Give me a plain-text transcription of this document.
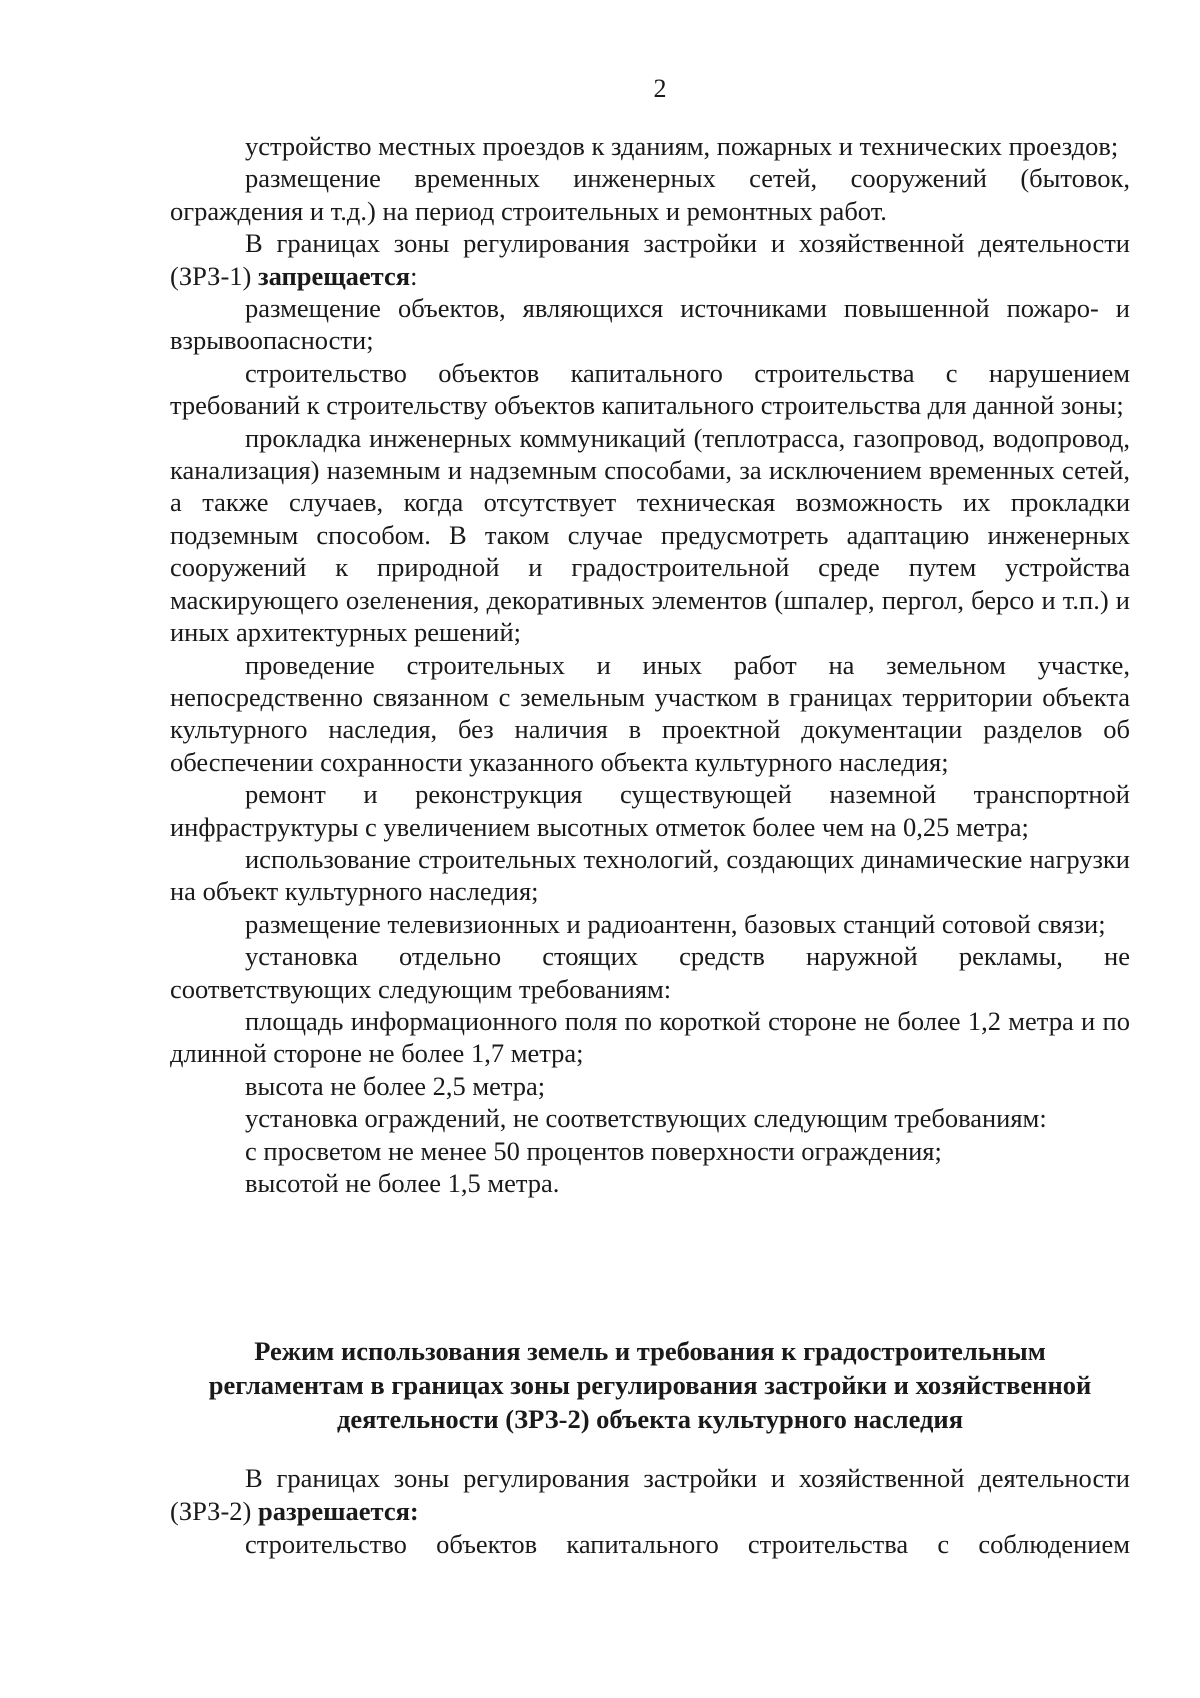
2

устройство местных проездов к зданиям, пожарных и технических проездов;

размещение временных инженерных сетей, сооружений (бытовок, ограждения и т.д.) на период строительных и ремонтных работ.

В границах зоны регулирования застройки и хозяйственной деятельности (ЗРЗ-1) запрещается:

размещение объектов, являющихся источниками повышенной пожаро- и взрывоопасности;

строительство объектов капитального строительства с нарушением требований к строительству объектов капитального строительства для данной зоны;

прокладка инженерных коммуникаций (теплотрасса, газопровод, водопровод, канализация) наземным и надземным способами, за исключением временных сетей, а также случаев, когда отсутствует техническая возможность их прокладки подземным способом. В таком случае предусмотреть адаптацию инженерных сооружений к природной и градостроительной среде путем устройства маскирующего озеленения, декоративных элементов (шпалер, пергол, берсо и т.п.) и иных архитектурных решений;

проведение строительных и иных работ на земельном участке, непосредственно связанном с земельным участком в границах территории объекта культурного наследия, без наличия в проектной документации разделов об обеспечении сохранности указанного объекта культурного наследия;

ремонт и реконструкция существующей наземной транспортной инфраструктуры с увеличением высотных отметок более чем на 0,25 метра;

использование строительных технологий, создающих динамические нагрузки на объект культурного наследия;

размещение телевизионных и радиоантенн, базовых станций сотовой связи;

установка отдельно стоящих средств наружной рекламы, не соответствующих следующим требованиям:

площадь информационного поля по короткой стороне не более 1,2 метра и по длинной стороне не более 1,7 метра;

высота не более 2,5 метра;

установка ограждений, не соответствующих следующим требованиям:

с просветом не менее 50 процентов поверхности ограждения;

высотой не более 1,5 метра.

Режим использования земель и требования к градостроительным
регламентам в границах зоны регулирования застройки и хозяйственной
деятельности (ЗРЗ-2) объекта культурного наследия

В границах зоны регулирования застройки и хозяйственной деятельности (ЗРЗ-2) разрешается:

строительство объектов капитального строительства с соблюдением
